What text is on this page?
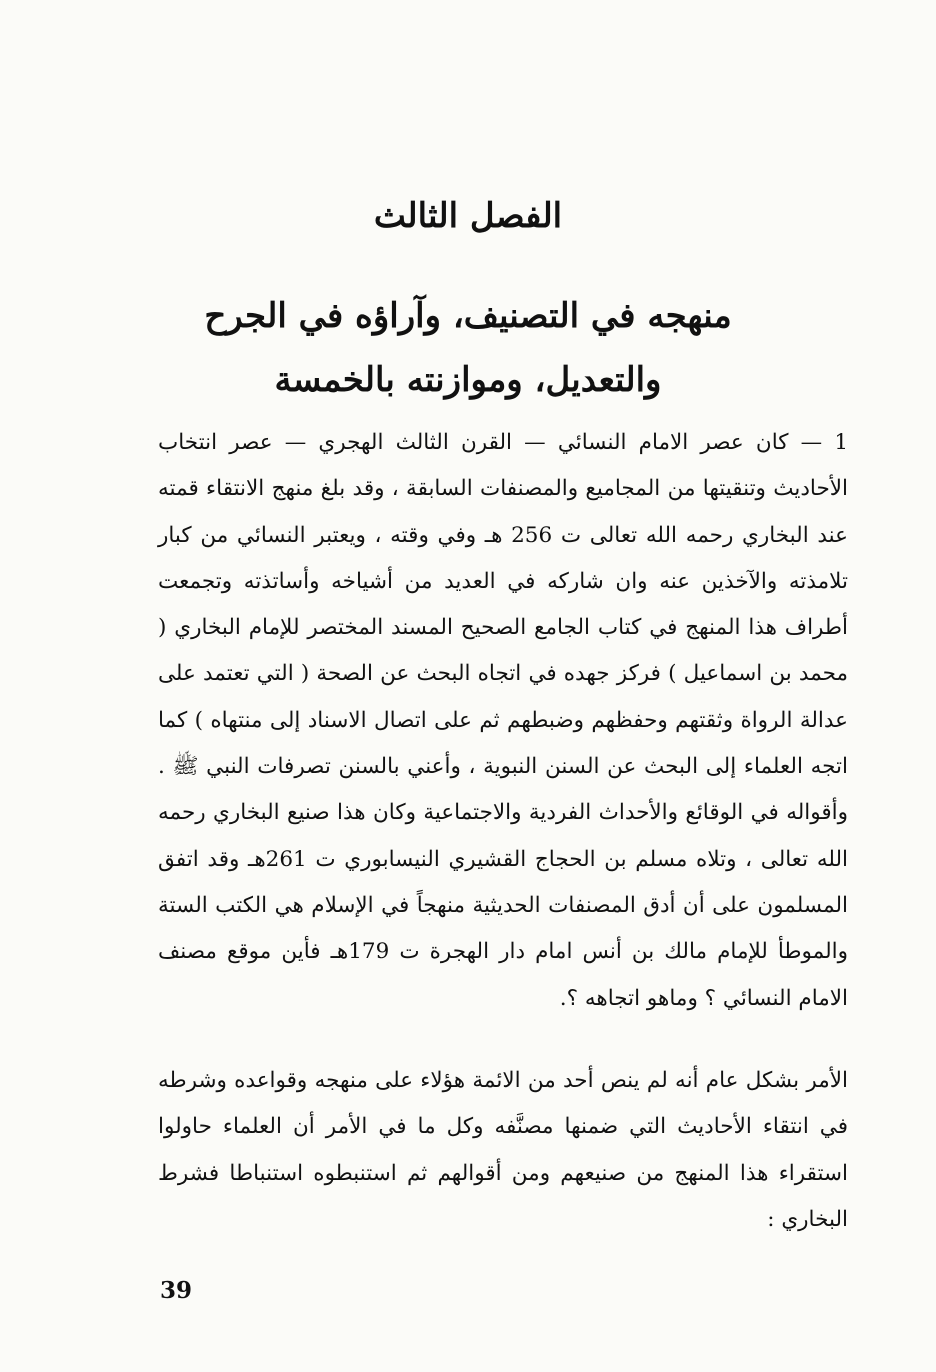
الفصل الثالث
منهجه في التصنيف، وآراؤه في الجرح والتعديل، وموازنته بالخمسة

1 — كان عصر الامام النسائي — القرن الثالث الهجري — عصر انتخاب الأحاديث وتنقيتها من المجاميع والمصنفات السابقة ، وقد بلغ منهج الانتقاء قمته عند البخاري رحمه الله تعالى ت 256 هـ وفي وقته ، ويعتبر النسائي من كبار تلامذته والآخذين عنه وان شاركه في العديد من أشياخه وأساتذته وتجمعت أطراف هذا المنهج في كتاب الجامع الصحيح المسند المختصر للإمام البخاري ( محمد بن اسماعيل ) فركز جهده في اتجاه البحث عن الصحة ( التي تعتمد على عدالة الرواة وثقتهم وحفظهم وضبطهم ثم على اتصال الاسناد إلى منتهاه ) كما اتجه العلماء إلى البحث عن السنن النبوية ، وأعني بالسنن تصرفات النبي ﷺ . وأقواله في الوقائع والأحداث الفردية والاجتماعية وكان هذا صنيع البخاري رحمه الله تعالى ، وتلاه مسلم بن الحجاج القشيري النيسابوري ت 261هـ وقد اتفق المسلمون على أن أدق المصنفات الحديثية منهجاً في الإسلام هي الكتب الستة والموطأ للإمام مالك بن أنس امام دار الهجرة ت 179هـ فأين موقع مصنف الامام النسائي ؟ وماهو اتجاهه ؟.

الأمر بشكل عام أنه لم ينص أحد من الائمة هؤلاء على منهجه وقواعده وشرطه في انتقاء الأحاديث التي ضمنها مصنَّفه وكل ما في الأمر أن العلماء حاولوا استقراء هذا المنهج من صنيعهم ومن أقوالهم ثم استنبطوه استنباطا فشرط البخاري :

39
